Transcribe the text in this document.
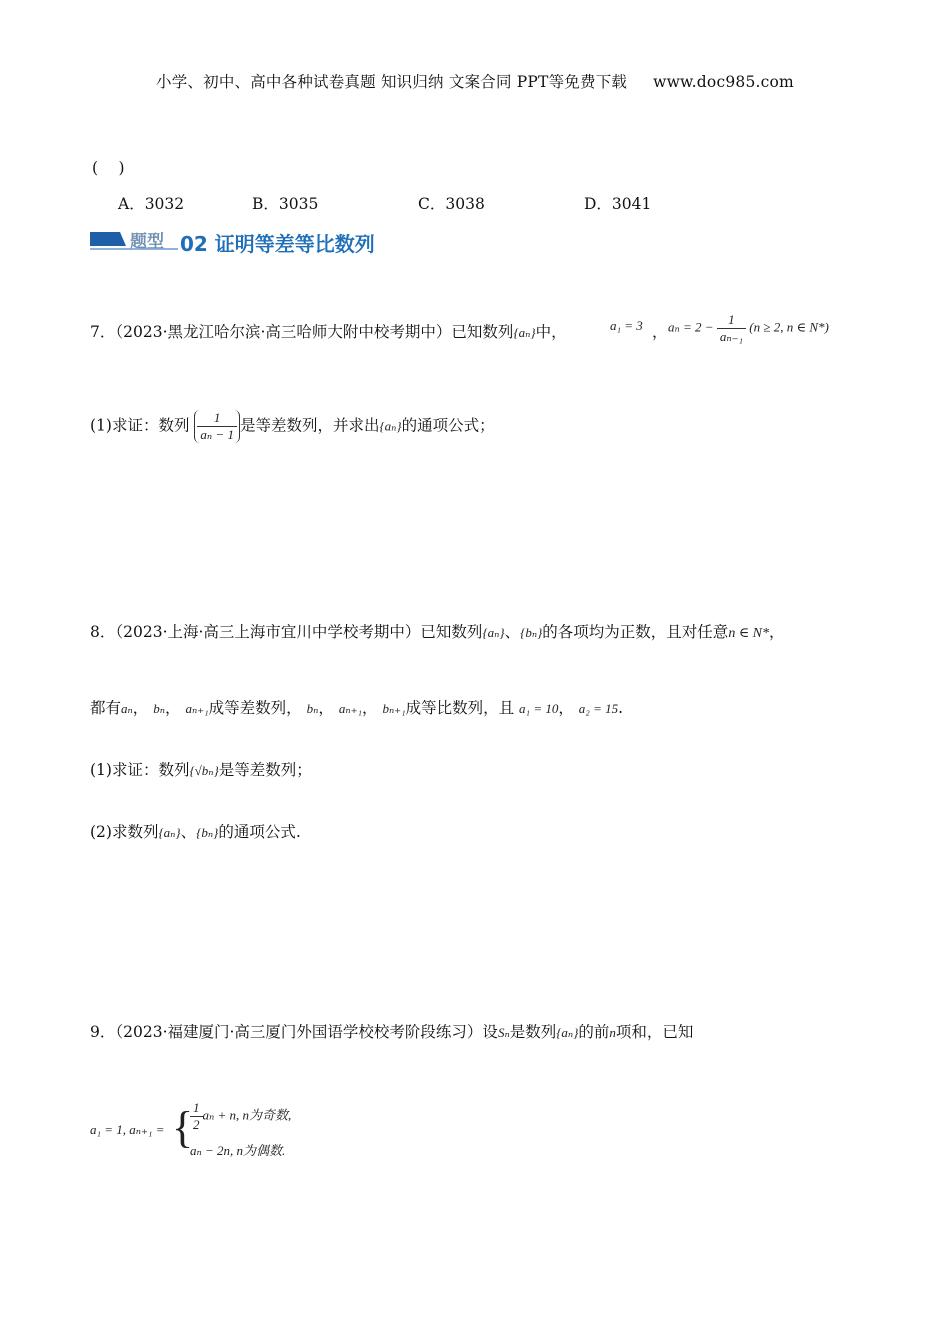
小学、初中、高中各种试卷真题 知识归纳 文案合同 PPT等免费下载 www.doc985.com
(　 )
A．3032	B．3035	C．3038	D．3041
题型 02 证明等差等比数列
7．（2023·黑龙江哈尔滨·高三哈师大附中校考期中）已知数列{aₙ}中，	a₁ = 3 ， $a_n = 2 - \frac{1}{\text{aₙ₋₁}} (n \ge 2$, n ∈ N*)
(1)求证：数列 $\frac{1}{\text{aₙ − 1}}$ 是等差数列，并求出{aₙ}的通项公式；
8．（2023·上海·高三上海市宜川中学校考期中）已知数列{aₙ}、{bₙ}的各项均为正数，且对任意n ∈ N*，
都有aₙ， bₙ， aₙ₊₁成等差数列， bₙ， aₙ₊₁， bₙ₊₁成等比数列，且 a₁ = 10， a₂ = 15.
(1)求证：数列{√bₙ}是等差数列；
(2)求数列{aₙ}、{bₙ}的通项公式.
9．（2023·福建厦门·高三厦门外国语学校校考阶段练习）设Sₙ是数列{aₙ}的前n项和，已知
a₁ = 1, aₙ₊₁ = {
$\frac{1}{2}$ aₙ + n, n为奇数,
aₙ − 2n, n为偶数.
